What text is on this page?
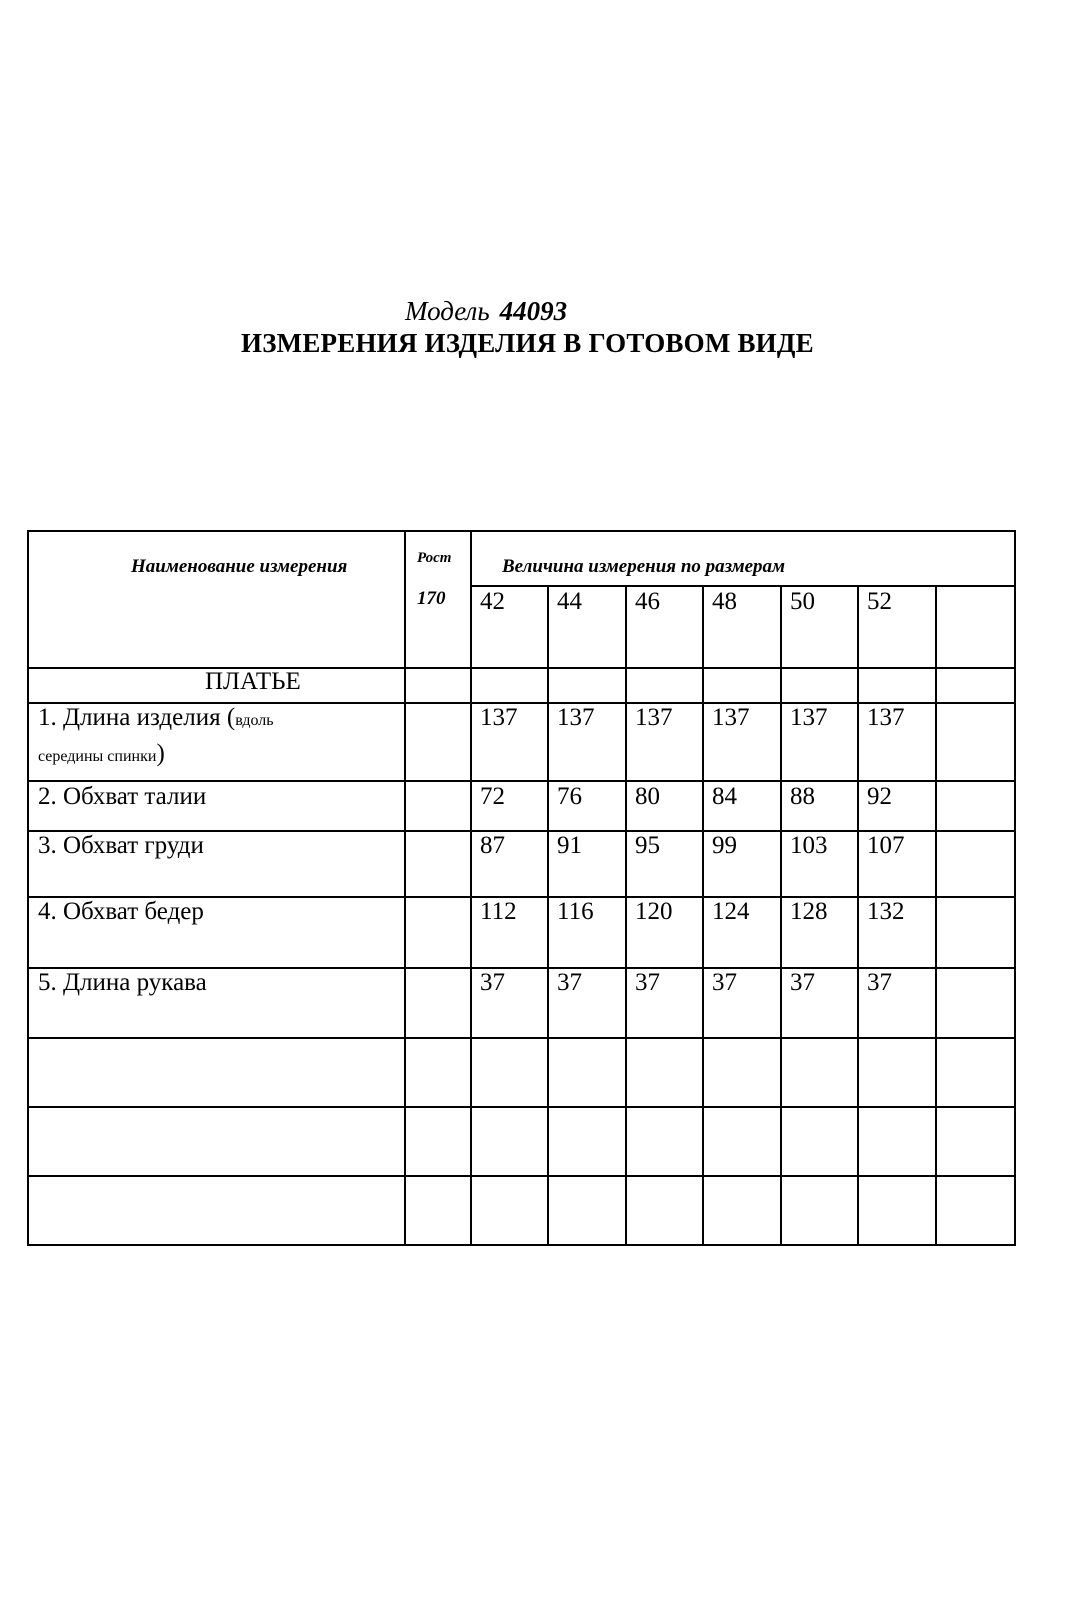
Модель 44093
ИЗМЕРЕНИЯ ИЗДЕЛИЯ В ГОТОВОМ ВИДЕ
Наименование измерения	Рост
170
Величина измерения по размерам
42 44 46 48 50 52
ПЛАТЬЕ
1. Длина изделия (вдоль
середины спинки)
137 137 137 137 137 137
2. Обхват талии	72 76 80 84 88 92
3. Обхват груди	87 91 95 99 103 107
4. Обхват бедер	112 116 120 124 128 132
5. Длина рукава	37 37 37 37 37 37
